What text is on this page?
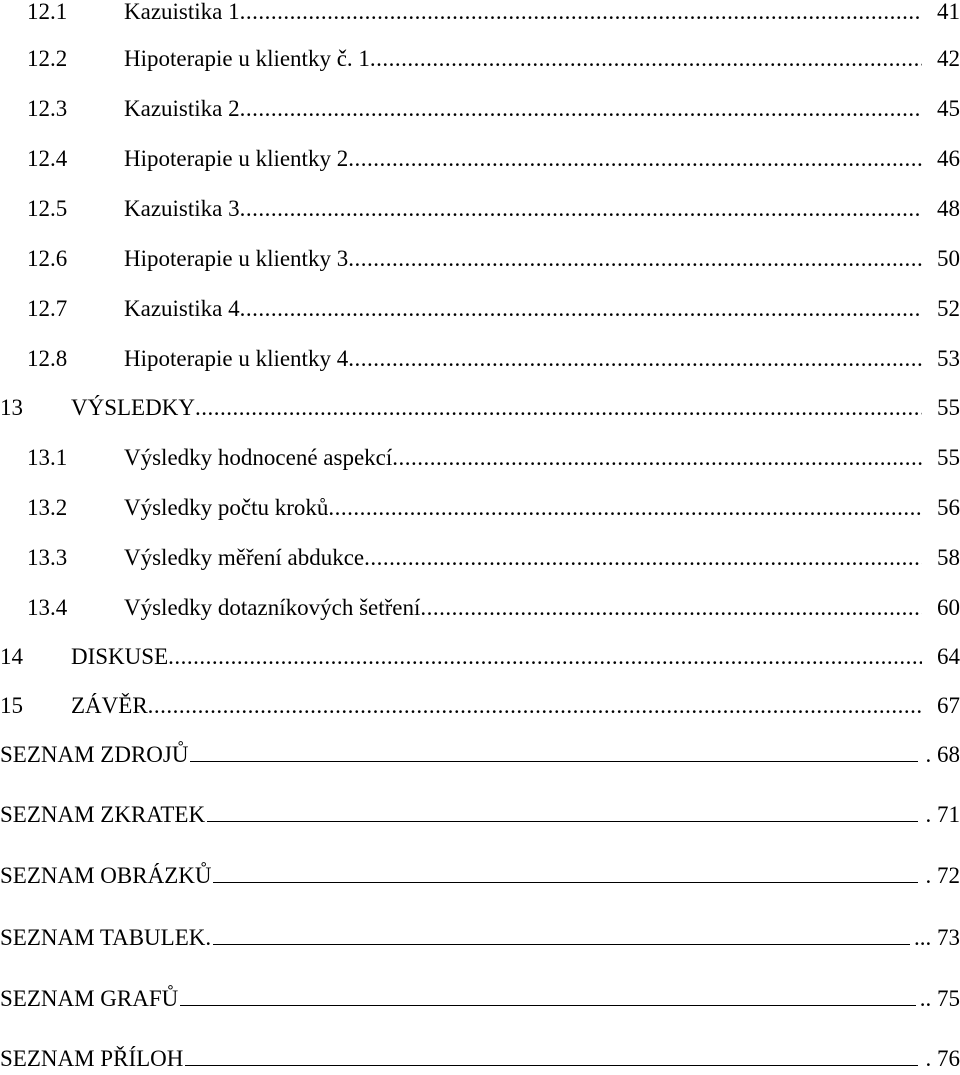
12.1 Kazuistika 1 .....	41
12.2 Hipoterapie u klientky č. 1 .....	42
12.3 Kazuistika 2 .....	45
12.4 Hipoterapie u klientky 2 .....	46
12.5 Kazuistika 3 .....	48
12.6 Hipoterapie u klientky 3 .....	50
12.7 Kazuistika 4 .....	52
12.8 Hipoterapie u klientky 4 .....	53
13 VÝSLEDKY .....	55
13.1 Výsledky hodnocené aspekcí .....	55
13.2 Výsledky počtu kroků .....	56
13.3 Výsledky měření abdukce .....	58
13.4 Výsledky dotazníkových šetření .....	60
14 DISKUSE .....	64
15 ZÁVĚR .....	67
SEZNAM ZDROJŮ	. 68
SEZNAM ZKRATEK	. 71
SEZNAM OBRÁZKŮ	. 72
SEZNAM TABULEK.	... 73
SEZNAM GRAFŮ	.. 75
SEZNAM PŘÍLOH	. 76
